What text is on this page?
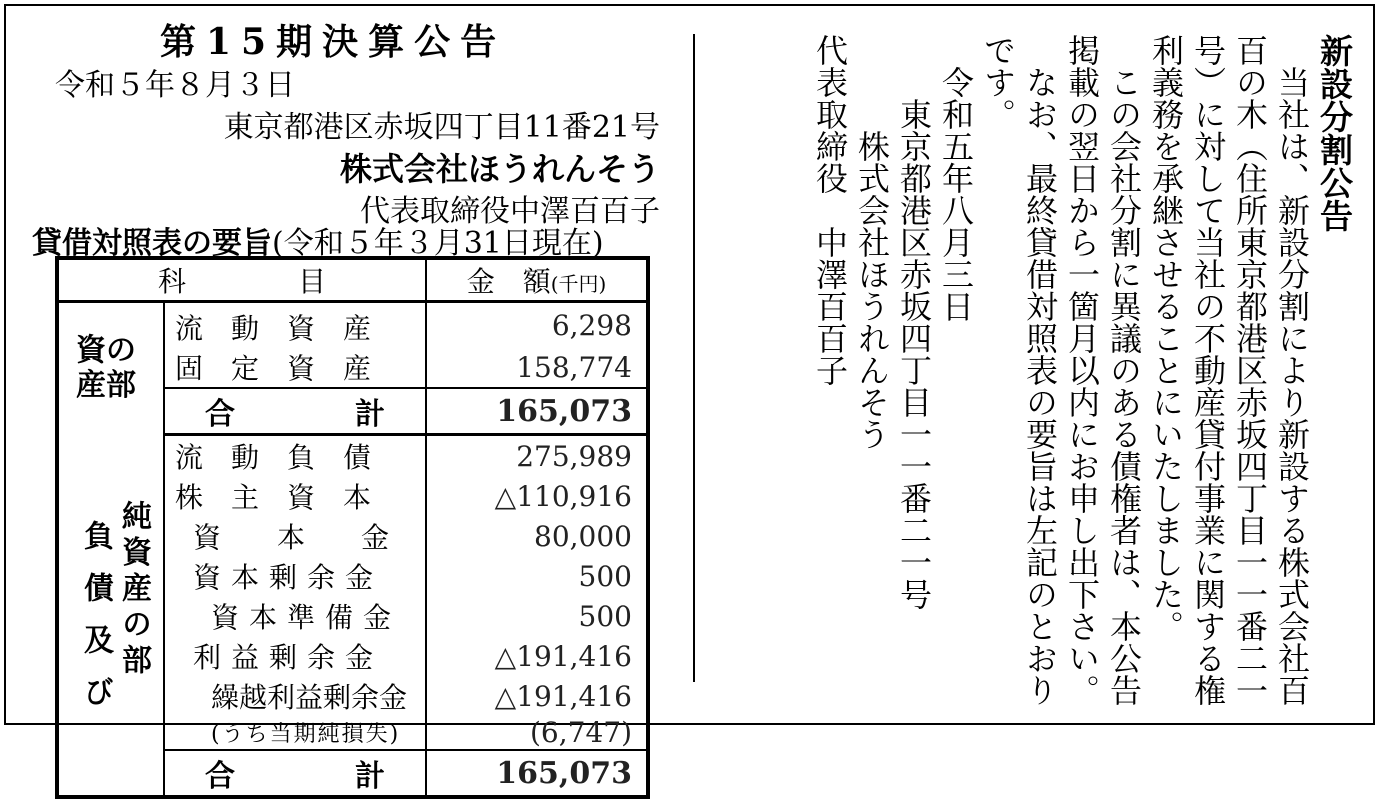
第15期決算公告
令和５年８月３日
東京都港区赤坂四丁目11番21号
株式会社ほうれんそう
代表取締役中澤百百子
貸借対照表の要旨(令和５年３月31日現在)
科　　　　目		金　額(千円)

資の産部	流　動　資　産	6,298
	固　定　資　産	158,774
	合　　　　計	165,073

負債及び 純資産の部	流　動　負　債	275,989
	株　主　資　本	△110,916
	資　　本　　金	80,000
	資本剰余金	500
	資本準備金	500
	利益剰余金	△191,416
	繰越利益剰余金	△191,416
	(うち当期純損失)	(6,747)
	合　　　　計	165,073

新設分割公告

当社は、新設分割により新設する株式会社百百の木（住所東京都港区赤坂四丁目一一番二一号）に対して当社の不動産貸付事業に関する権利義務を承継させることにいたしました。

この会社分割に異議のある債権者は、本公告掲載の翌日から一箇月以内にお申し出下さい。

なお、最終貸借対照表の要旨は左記のとおりです。

令和五年八月三日

東京都港区赤坂四丁目一一番二一号

株式会社ほうれんそう

代表取締役中澤百百子
